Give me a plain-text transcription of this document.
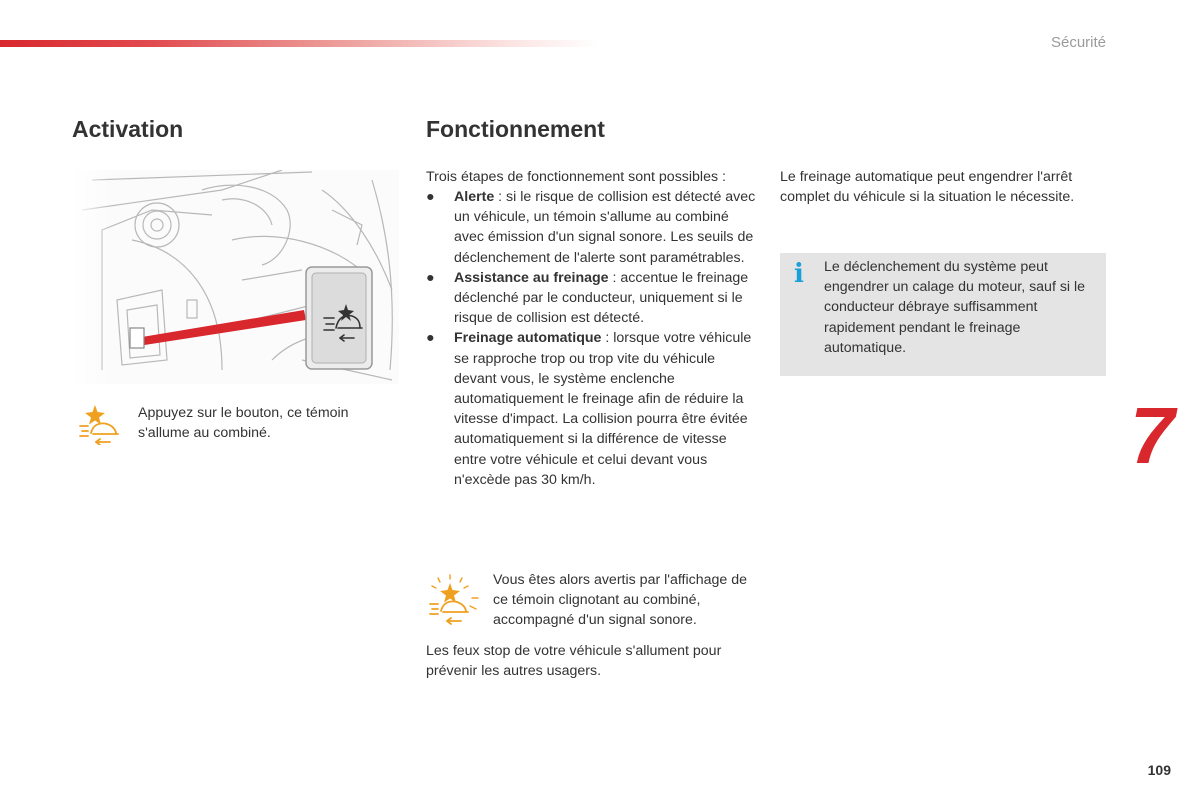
Sécurité
Activation	Fonctionnement
Appuyez sur le bouton, ce témoin s'allume au combiné.
Trois étapes de fonctionnement sont possibles :
● Alerte : si le risque de collision est détecté avec un véhicule, un témoin s'allume au combiné avec émission d'un signal sonore. Les seuils de déclenchement de l'alerte sont paramétrables.
● Assistance au freinage : accentue le freinage déclenché par le conducteur, uniquement si le risque de collision est détecté.
● Freinage automatique : lorsque votre véhicule se rapproche trop ou trop vite du véhicule devant vous, le système enclenche automatiquement le freinage afin de réduire la vitesse d'impact. La collision pourra être évitée automatiquement si la différence de vitesse entre votre véhicule et celui devant vous n'excède pas 30 km/h.
Vous êtes alors avertis par l'affichage de ce témoin clignotant au combiné, accompagné d'un signal sonore.
Les feux stop de votre véhicule s'allument pour prévenir les autres usagers.
Le freinage automatique peut engendrer l'arrêt complet du véhicule si la situation le nécessite.
i Le déclenchement du système peut engendrer un calage du moteur, sauf si le conducteur débraye suffisamment rapidement pendant le freinage automatique.
7
109
